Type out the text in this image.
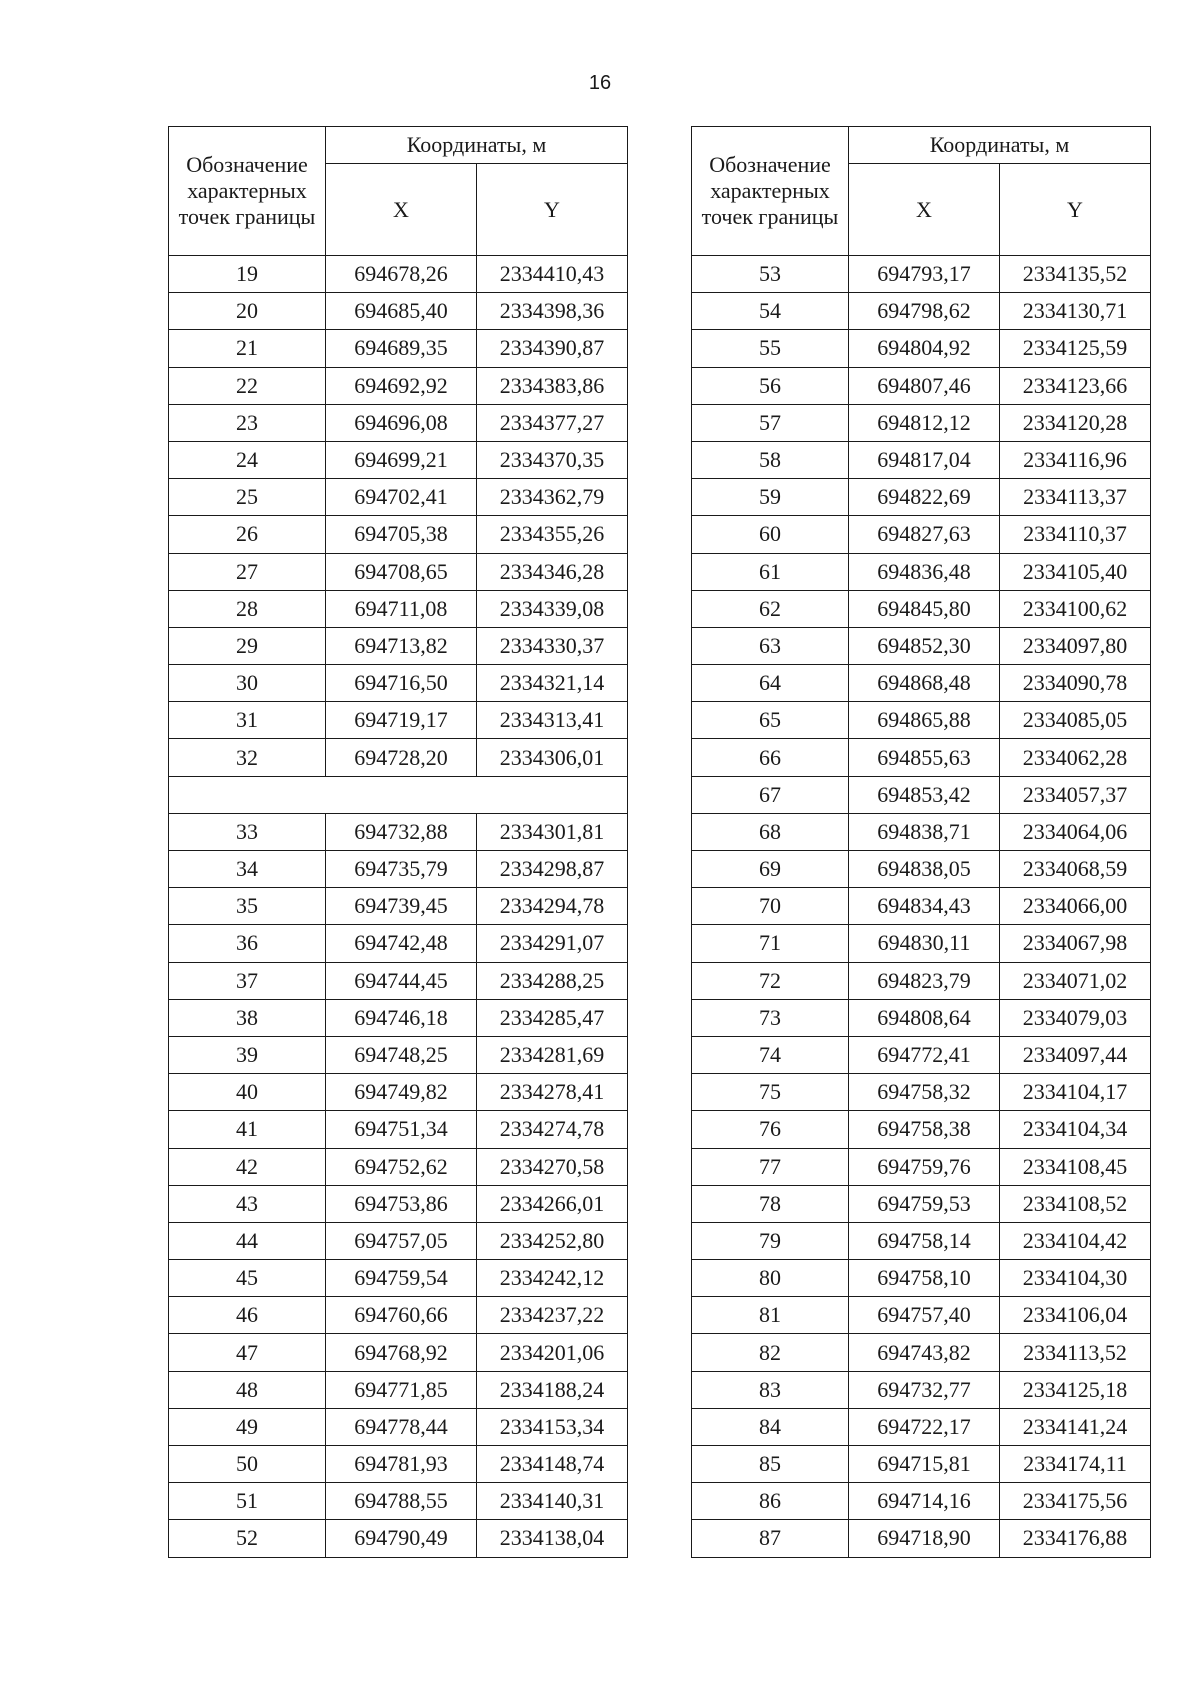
16
Обозначение характерных точек границы	Координаты, м	
	X	Y
19	694678,26	2334410,43
20	694685,40	2334398,36
21	694689,35	2334390,87
22	694692,92	2334383,86
23	694696,08	2334377,27
24	694699,21	2334370,35
25	694702,41	2334362,79
26	694705,38	2334355,26
27	694708,65	2334346,28
28	694711,08	2334339,08
29	694713,82	2334330,37
30	694716,50	2334321,14
31	694719,17	2334313,41
32	694728,20	2334306,01

33	694732,88	2334301,81
34	694735,79	2334298,87
35	694739,45	2334294,78
36	694742,48	2334291,07
37	694744,45	2334288,25
38	694746,18	2334285,47
39	694748,25	2334281,69
40	694749,82	2334278,41
41	694751,34	2334274,78
42	694752,62	2334270,58
43	694753,86	2334266,01
44	694757,05	2334252,80
45	694759,54	2334242,12
46	694760,66	2334237,22
47	694768,92	2334201,06
48	694771,85	2334188,24
49	694778,44	2334153,34
50	694781,93	2334148,74
51	694788,55	2334140,31
52	694790,49	2334138,04
Обозначение характерных точек границы	Координаты, м	
	X	Y
53	694793,17	2334135,52
54	694798,62	2334130,71
55	694804,92	2334125,59
56	694807,46	2334123,66
57	694812,12	2334120,28
58	694817,04	2334116,96
59	694822,69	2334113,37
60	694827,63	2334110,37
61	694836,48	2334105,40
62	694845,80	2334100,62
63	694852,30	2334097,80
64	694868,48	2334090,78
65	694865,88	2334085,05
66	694855,63	2334062,28
67	694853,42	2334057,37
68	694838,71	2334064,06
69	694838,05	2334068,59
70	694834,43	2334066,00
71	694830,11	2334067,98
72	694823,79	2334071,02
73	694808,64	2334079,03
74	694772,41	2334097,44
75	694758,32	2334104,17
76	694758,38	2334104,34
77	694759,76	2334108,45
78	694759,53	2334108,52
79	694758,14	2334104,42
80	694758,10	2334104,30
81	694757,40	2334106,04
82	694743,82	2334113,52
83	694732,77	2334125,18
84	694722,17	2334141,24
85	694715,81	2334174,11
86	694714,16	2334175,56
87	694718,90	2334176,88
